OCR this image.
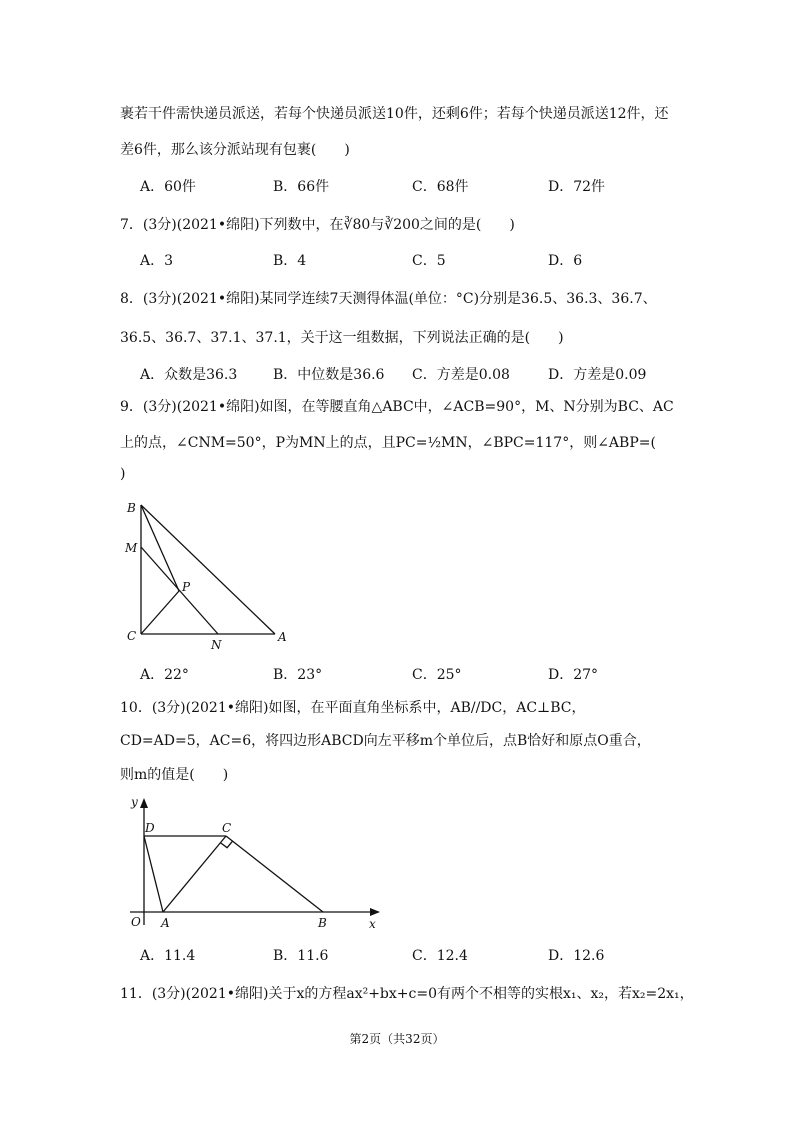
裹若干件需快递员派送，若每个快递员派送10件，还剩6件；若每个快递员派送12件，还
差6件，那么该分派站现有包裹(　　)
A．60件	B．66件	C．68件	D．72件
7．(3分)(2021•绵阳)下列数中，在∛80与∛200之间的是(　　)
A．3	B．4	C．5	D．6
8．(3分)(2021•绵阳)某同学连续7天测得体温(单位：°C)分别是36.5、36.3、36.7、
36.5、36.7、37.1、37.1，关于这一组数据，下列说法正确的是(　　)
A．众数是36.3	B．中位数是36.6 C．方差是0.08	D．方差是0.09
9．(3分)(2021•绵阳)如图，在等腰直角△ABC中，∠ACB=90°，M、N分别为BC、AC
上的点，∠CNM=50°，P为MN上的点，且PC=½MN，∠BPC=117°，则∠ABP=(
)
B
M
P
C
N
A
A．22°	B．23°	C．25°	D．27°
10．(3分)(2021•绵阳)如图，在平面直角坐标系中，AB//DC，AC⊥BC，
CD=AD=5，AC=6，将四边形ABCD向左平移m个单位后，点B恰好和原点O重合，
则m的值是(　　)
y
D	C
O A	B	x
A．11.4	B．11.6	C．12.4	D．12.6
11．(3分)(2021•绵阳)关于x的方程ax²+bx+c=0有两个不相等的实根x₁、x₂，若x₂=2x₁，
第2页（共32页）
